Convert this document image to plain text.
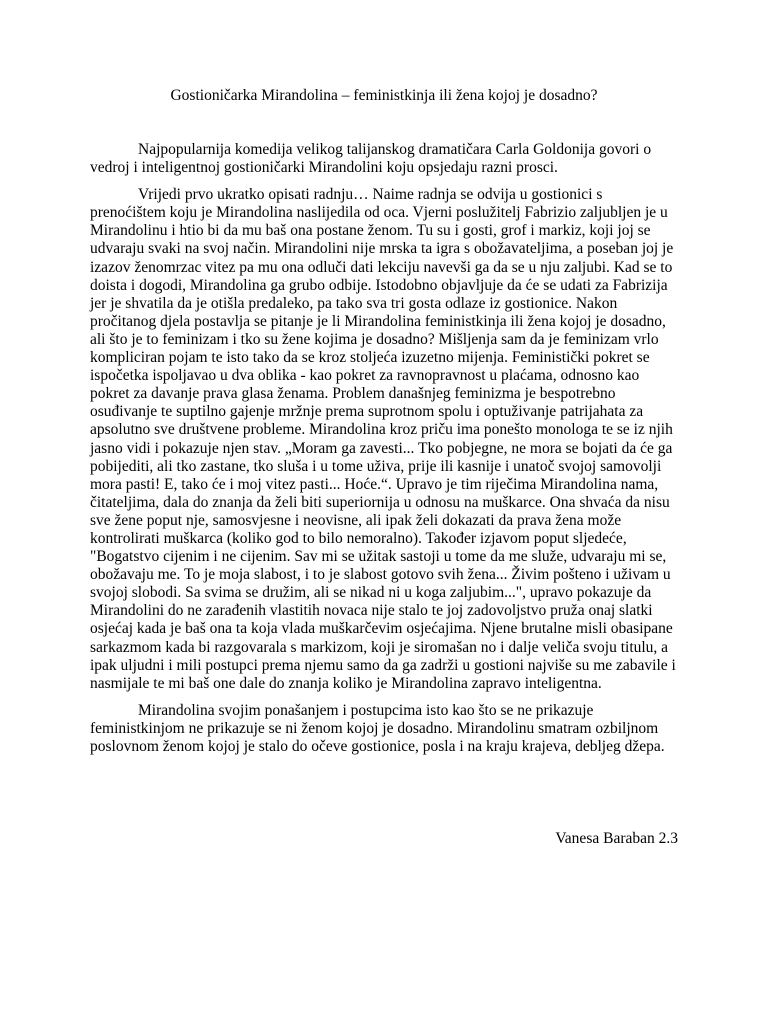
Gostioničarka Mirandolina – feministkinja ili žena kojoj je dosadno?

Najpopularnija komedija velikog talijanskog dramatičara Carla Goldonija govori o vedroj i inteligentnoj gostioničarki Mirandolini koju opsjedaju razni prosci.

Vrijedi prvo ukratko opisati radnju… Naime radnja se odvija u gostionici s prenoćištem koju je Mirandolina naslijedila od oca. Vjerni poslužitelj Fabrizio zaljubljen je u Mirandolinu i htio bi da mu baš ona postane ženom. Tu su i gosti, grof i markiz, koji joj se udvaraju svaki na svoj način. Mirandolini nije mrska ta igra s obožavateljima, a poseban joj je izazov ženomrzac vitez pa mu ona odluči dati lekciju navevši ga da se u nju zaljubi. Kad se to doista i dogodi, Mirandolina ga grubo odbije. Istodobno objavljuje da će se udati za Fabrizija jer je shvatila da je otišla predaleko, pa tako sva tri gosta odlaze iz gostionice. Nakon pročitanog djela postavlja se pitanje je li Mirandolina feministkinja ili žena kojoj je dosadno, ali što je to feminizam i tko su žene kojima je dosadno? Mišljenja sam da je feminizam vrlo kompliciran pojam te isto tako da se kroz stoljeća izuzetno mijenja. Feministički pokret se ispočetka ispoljavao u dva oblika - kao pokret za ravnopravnost u plaćama, odnosno kao pokret za davanje prava glasa ženama. Problem današnjeg feminizma je bespotrebno osuđivanje te suptilno gajenje mržnje prema suprotnom spolu i optuživanje patrijahata za apsolutno sve društvene probleme. Mirandolina kroz priču ima ponešto monologa te se iz njih jasno vidi i pokazuje njen stav. „Moram ga zavesti... Tko pobjegne, ne mora se bojati da će ga pobijediti, ali tko zastane, tko sluša i u tome uživa, prije ili kasnije i unatoč svojoj samovolji mora pasti! E, tako će i moj vitez pasti... Hoće.“. Upravo je tim riječima Mirandolina nama, čitateljima, dala do znanja da želi biti superiornija u odnosu na muškarce. Ona shvaća da nisu sve žene poput nje, samosvjesne i neovisne, ali ipak želi dokazati da prava žena može kontrolirati muškarca (koliko god to bilo nemoralno). Također izjavom poput sljedeće, "Bogatstvo cijenim i ne cijenim. Sav mi se užitak sastoji u tome da me služe, udvaraju mi se, obožavaju me. To je moja slabost, i to je slabost gotovo svih žena... Živim pošteno i uživam u svojoj slobodi. Sa svima se družim, ali se nikad ni u koga zaljubim...", upravo pokazuje da Mirandolini do ne zarađenih vlastitih novaca nije stalo te joj zadovoljstvo pruža onaj slatki osjećaj kada je baš ona ta koja vlada muškarčevim osjećajima. Njene brutalne misli obasipane sarkazmom kada bi razgovarala s markizom, koji je siromašan no i dalje veliča svoju titulu, a ipak uljudni i mili postupci prema njemu samo da ga zadrži u gostioni najviše su me zabavile i nasmijale te mi baš one dale do znanja koliko je Mirandolina zapravo inteligentna.

Mirandolina svojim ponašanjem i postupcima isto kao što se ne prikazuje feministkinjom ne prikazuje se ni ženom kojoj je dosadno. Mirandolinu smatram ozbiljnom poslovnom ženom kojoj je stalo do očeve gostionice, posla i na kraju krajeva, debljeg džepa.

Vanesa Baraban 2.3
